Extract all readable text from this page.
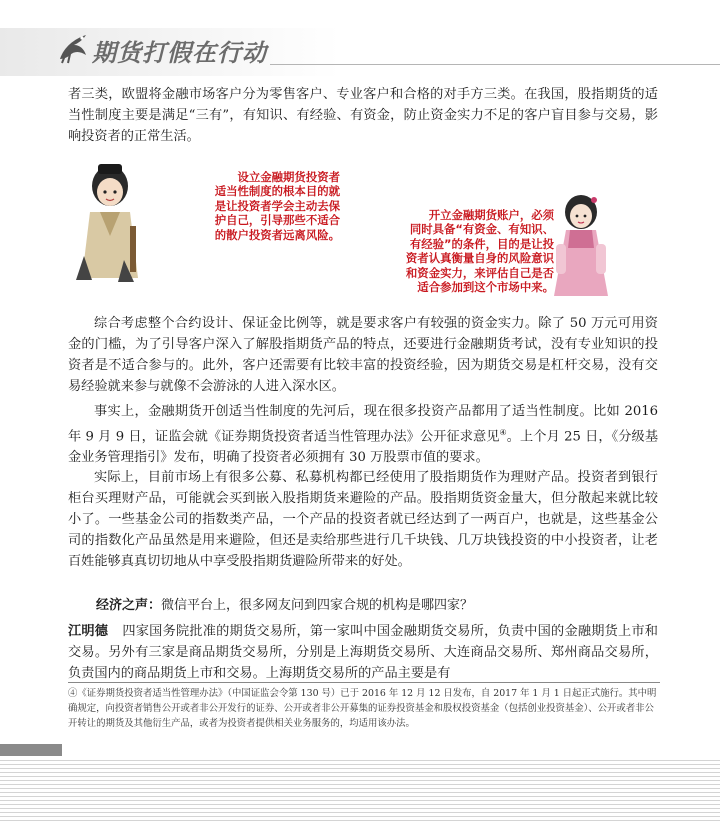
期货打假在行动

者三类，欧盟将金融市场客户分为零售客户、专业客户和合格的对手方三类。在我国，股指期货的适当性制度主要是满足“三有”，有知识、有经验、有资金，防止资金实力不足的客户盲目参与交易，影响投资者的正常生活。

设立金融期货投资者
适当性制度的根本目的就
是让投资者学会主动去保
护自己，引导那些不适合
的散户投资者远离风险。
开立金融期货账户，必须
同时具备“有资金、有知识、
有经验”的条件，目的是让投
资者认真衡量自身的风险意识
和资金实力，来评估自己是否
适合参加到这个市场中来。

综合考虑整个合约设计、保证金比例等，就是要求客户有较强的资金实力。除了 50 万元可用资金的门槛，为了引导客户深入了解股指期货产品的特点，还要进行金融期货考试，没有专业知识的投资者是不适合参与的。此外，客户还需要有比较丰富的投资经验，因为期货交易是杠杆交易，没有交易经验就来参与就像不会游泳的人进入深水区。

事实上，金融期货开创适当性制度的先河后，现在很多投资产品都用了适当性制度。比如 2016 年 9 月 9 日，证监会就《证券期货投资者适当性管理办法》公开征求意见④。上个月 25 日，《分级基金业务管理指引》发布，明确了投资者必须拥有 30 万股票市值的要求。

实际上，目前市场上有很多公募、私募机构都已经使用了股指期货作为理财产品。投资者到银行柜台买理财产品，可能就会买到嵌入股指期货来避险的产品。股指期货资金量大，但分散起来就比较小了。一些基金公司的指数类产品，一个产品的投资者就已经达到了一两百户，也就是，这些基金公司的指数化产品虽然是用来避险，但还是卖给那些进行几千块钱、几万块钱投资的中小投资者，让老百姓能够真真切切地从中享受股指期货避险所带来的好处。

经济之声：微信平台上，很多网友问到四家合规的机构是哪四家？

江明德 四家国务院批准的期货交易所，第一家叫中国金融期货交易所，负责中国的金融期货上市和交易。另外有三家是商品期货交易所，分别是上海期货交易所、大连商品交易所、郑州商品交易所，负责国内的商品期货上市和交易。上海期货交易所的产品主要是有

④《证券期货投资者适当性管理办法》（中国证监会令第 130 号）已于 2016 年 12 月 12 日发布，自 2017 年 1 月 1 日起正式施行。其中明确规定，向投资者销售公开或者非公开发行的证券、公开或者非公开募集的证券投资基金和股权投资基金（包括创业投资基金）、公开或者非公开转让的期货及其他衍生产品，或者为投资者提供相关业务服务的，均适用该办法。
